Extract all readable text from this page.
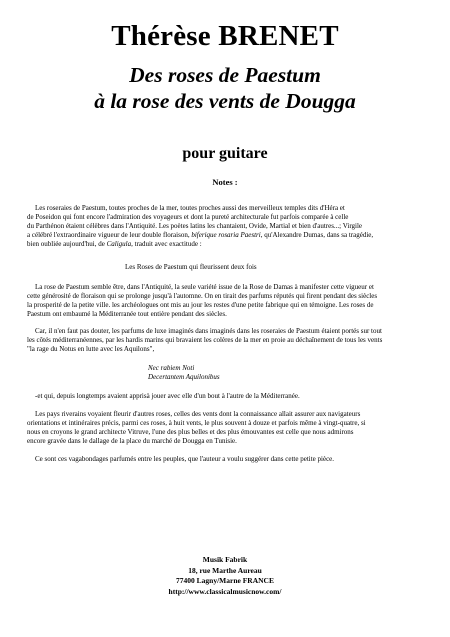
Thérèse BRENET
Des roses de Paestum
à la rose des vents de Dougga
pour guitare
Notes :

Les roseraies de Paestum, toutes proches de la mer, toutes proches aussi des merveilleux temples dits d'Héra et
de Poseidon qui font encore l'admiration des voyageurs et dont la pureté architecturale fut parfois comparée à celle
du Parthénon étaient célèbres dans l'Antiquité. Les poètes latins les chantaient, Ovide, Martial et bien d'autres...; Virgile
a célébré l'extraordinaire vigueur de leur double floraison, biferique rosaria Paestri, qu'Alexandre Dumas, dans sa tragédie,
bien oubliée aujourd'hui, de Caligula, traduit avec exactitude :

Les Roses de Paestum qui fleurissent deux fois

La rose de Paestum semble être, dans l'Antiquité, la seule variété issue de la Rose de Damas à manifester cette vigueur et
cette générosité de floraison qui se prolonge jusqu'à l'automne. On en tirait des parfums réputés qui firent pendant des siècles
la prosperité de la petite ville. les archéologues ont mis au jour les restes d'une petite fabrique qui en témoigne. Les roses de
Paestum ont embaumé la Méditerranée tout entière pendant des siècles.

Car, il n'en faut pas douter, les parfums de luxe imaginés dans imaginés dans les roseraies de Paestum étaient portés sur tout
les côtés méditerranéennes, par les hardis marins qui bravaient les colères de la mer en proie au déchaînement de tous les vents
"la rage du Notus en lutte avec les Aquilons",

Nec rabiem Noti
Decertantem Aquilonibus

-et qui, depuis longtemps avaient apprisà jouer avec elle d'un bout à l'autre de la Méditerranée.

Les pays riverains voyaient fleurir d'autres roses, celles des vents dont la connaissance allait assurer aux navigateurs
orientations et intinéraires précis, parmi ces roses, à huit vents, le plus souvent à douze et parfois même à vingt-quatre, si
nous en croyons le grand architecte Vitruve, l'une des plus belles et des plus émouvantes est celle que nous admirons
encore gravée dans le dallage de la place du marché de Dougga en Tunisie.

Ce sont ces vagabondages parfumés entre les peuples, que l'auteur a voulu suggérer dans cette petite pièce.

Musik Fabrik
18, rue Marthe Aureau
77400 Lagny/Marne FRANCE
http://www.classicalmusicnow.com/
